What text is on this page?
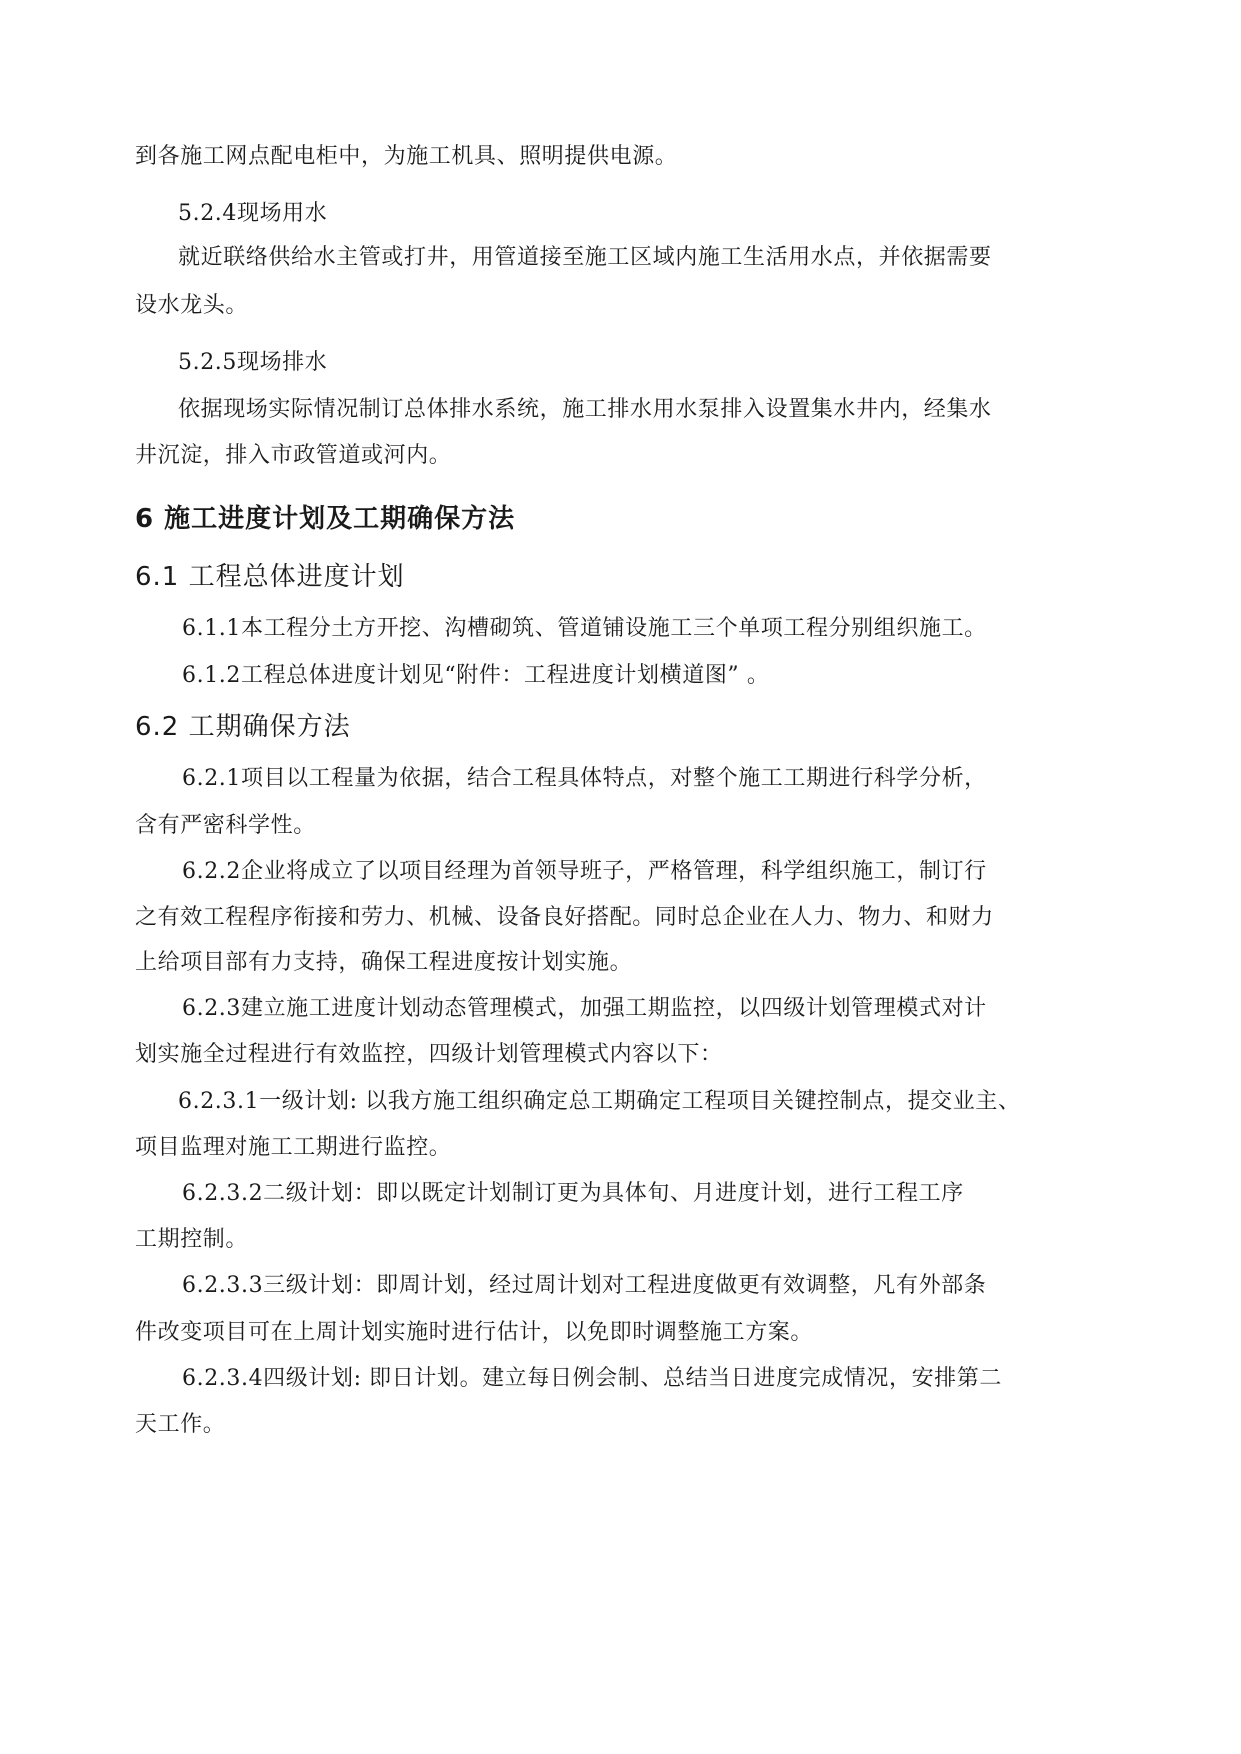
到各施工网点配电柜中，为施工机具、照明提供电源。
5.2.4现场用水
就近联络供给水主管或打井，用管道接至施工区域内施工生活用水点，并依据需要
设水龙头。
5.2.5现场排水
依据现场实际情况制订总体排水系统，施工排水用水泵排入设置集水井内，经集水
井沉淀，排入市政管道或河内。
6 施工进度计划及工期确保方法
6.1 工程总体进度计划
6.1.1本工程分土方开挖、沟槽砌筑、管道铺设施工三个单项工程分别组织施工。
6.1.2工程总体进度计划见“附件：工程进度计划横道图” 。
6.2 工期确保方法
6.2.1项目以工程量为依据，结合工程具体特点，对整个施工工期进行科学分析，
含有严密科学性。
6.2.2企业将成立了以项目经理为首领导班子，严格管理，科学组织施工，制订行
之有效工程程序衔接和劳力、机械、设备良好搭配。同时总企业在人力、物力、和财力
上给项目部有力支持，确保工程进度按计划实施。
6.2.3建立施工进度计划动态管理模式，加强工期监控，以四级计划管理模式对计
划实施全过程进行有效监控，四级计划管理模式内容以下：
6.2.3.1一级计划: 以我方施工组织确定总工期确定工程项目关键控制点，提交业主、
项目监理对施工工期进行监控。
6.2.3.2二级计划：即以既定计划制订更为具体旬、月进度计划，进行工程工序
工期控制。
6.2.3.3三级计划：即周计划，经过周计划对工程进度做更有效调整，凡有外部条
件改变项目可在上周计划实施时进行估计，以免即时调整施工方案。
6.2.3.4四级计划: 即日计划。建立每日例会制、总结当日进度完成情况，安排第二
天工作。
